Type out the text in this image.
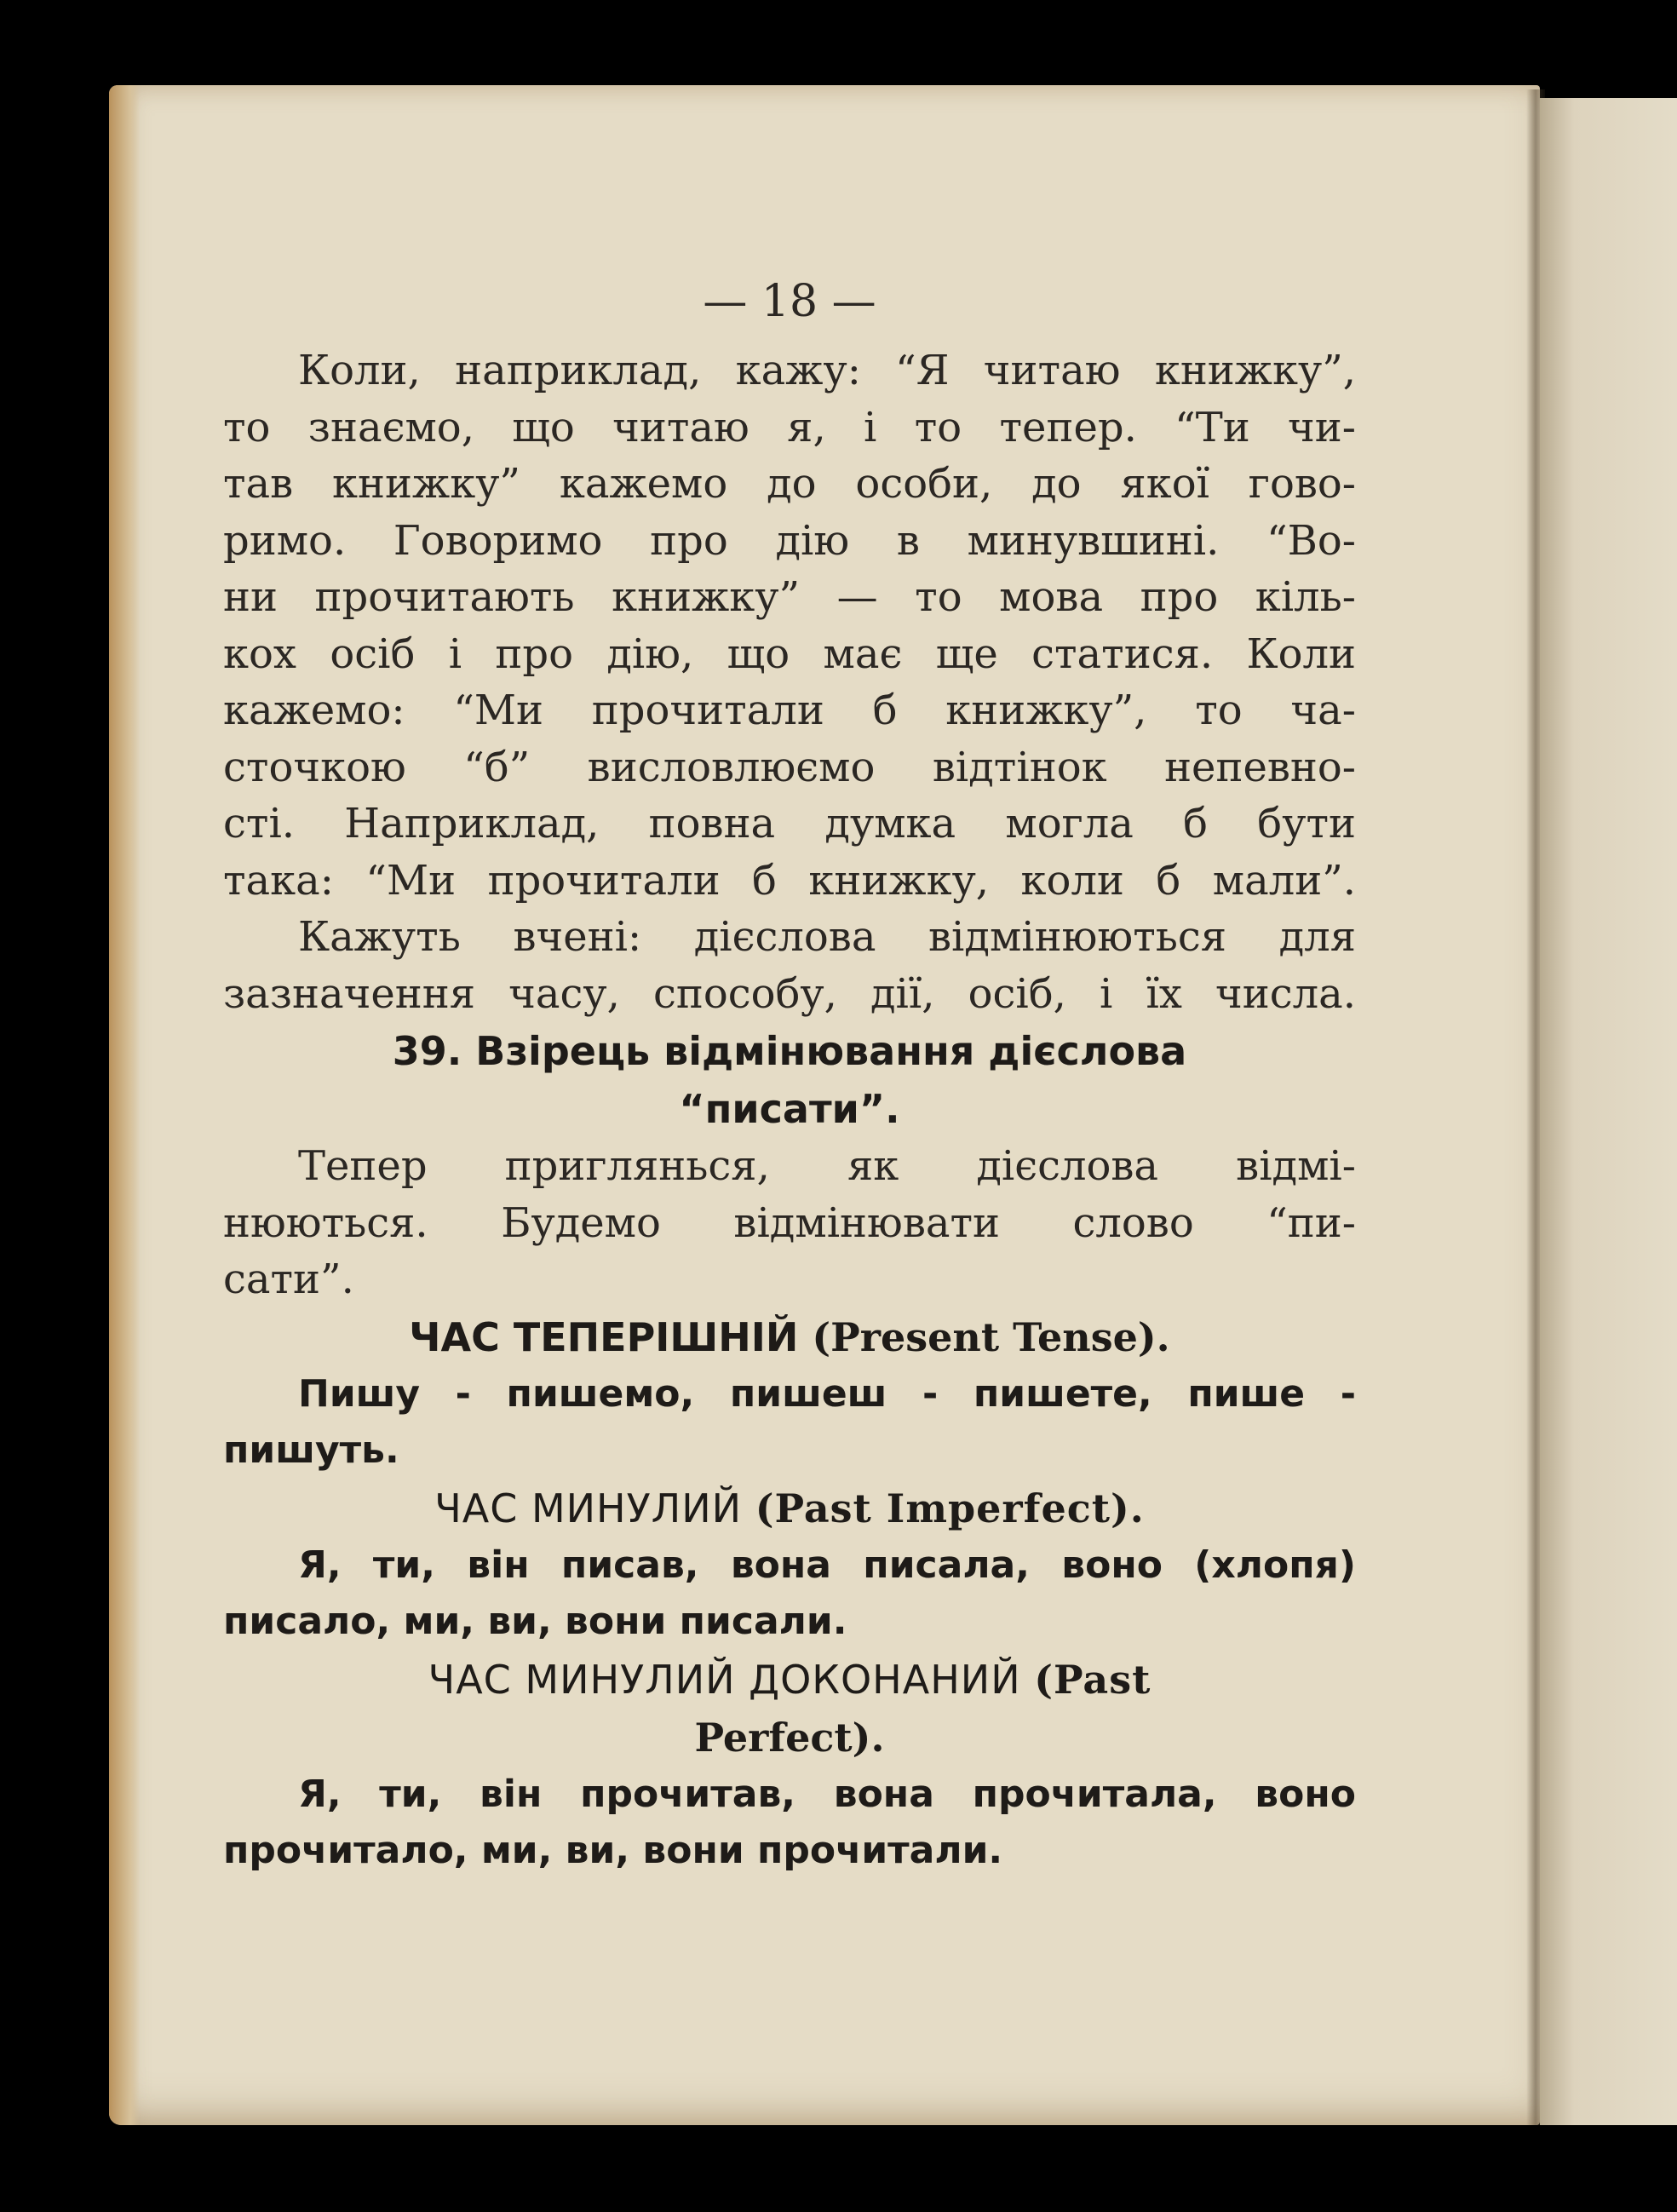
— 18 —
Коли, наприклад, кажу: “Я читаю книжку”,
то знаємо, що читаю я, і то тепер. “Ти чи-
тав книжку” кажемо до особи, до якої гово-
римо. Говоримо про дію в минувшині. “Во-
ни прочитають книжку” — то мова про кіль-
кох осіб і про дію, що має ще статися. Коли
кажемо: “Ми прочитали б книжку”, то ча-
сточкою “б” висловлюємо відтінок непевно-
сті. Наприклад, повна думка могла б бути
така: “Ми прочитали б книжку, коли б мали”.
Кажуть вчені: дієслова відмінюються для
зазначення часу, способу, дії, осіб, і їх числа.
39. Взірець відмінювання дієслова
“писати”.
Тепер приглянься, як дієслова відмі-
нюються. Будемо відмінювати слово “пи-
сати”.
ЧАС ТЕПЕРІШНІЙ (Present Tense).
Пишу - пишемо, пишеш - пишете, пише -
пишуть.
ЧАС МИНУЛИЙ (Past Imperfect).
Я, ти, він писав, вона писала, воно (хлопя)
писало, ми, ви, вони писали.
ЧАС МИНУЛИЙ ДОКОНАНИЙ (Past
Perfect).
Я, ти, він прочитав, вона прочитала, воно
прочитало, ми, ви, вони прочитали.
